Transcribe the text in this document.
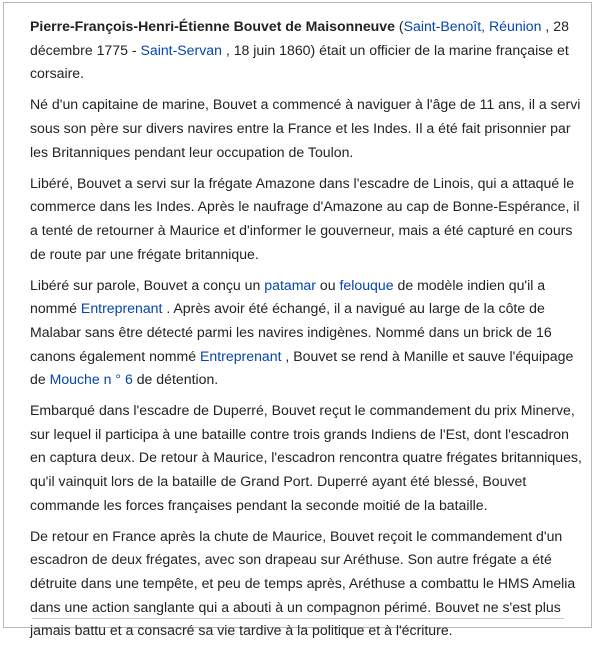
Pierre-François-Henri-Étienne Bouvet de Maisonneuve (Saint-Benoît, Réunion , 28 décembre 1775 - Saint-Servan , 18 juin 1860) était un officier de la marine française et corsaire.

Né d'un capitaine de marine, Bouvet a commencé à naviguer à l'âge de 11 ans, il a servi sous son père sur divers navires entre la France et les Indes. Il a été fait prisonnier par les Britanniques pendant leur occupation de Toulon.

Libéré, Bouvet a servi sur la frégate Amazone dans l'escadre de Linois, qui a attaqué le commerce dans les Indes. Après le naufrage d'Amazone au cap de Bonne-Espérance, il a tenté de retourner à Maurice et d'informer le gouverneur, mais a été capturé en cours de route par une frégate britannique.

Libéré sur parole, Bouvet a conçu un patamar ou felouque de modèle indien qu'il a nommé Entreprenant . Après avoir été échangé, il a navigué au large de la côte de Malabar sans être détecté parmi les navires indigènes. Nommé dans un brick de 16 canons également nommé Entreprenant , Bouvet se rend à Manille et sauve l'équipage de Mouche n ° 6 de détention.

Embarqué dans l'escadre de Duperré, Bouvet reçut le commandement du prix Minerve, sur lequel il participa à une bataille contre trois grands Indiens de l'Est, dont l'escadron en captura deux. De retour à Maurice, l'escadron rencontra quatre frégates britanniques, qu'il vainquit lors de la bataille de Grand Port. Duperré ayant été blessé, Bouvet commande les forces françaises pendant la seconde moitié de la bataille.

De retour en France après la chute de Maurice, Bouvet reçoit le commandement d'un escadron de deux frégates, avec son drapeau sur Aréthuse. Son autre frégate a été détruite dans une tempête, et peu de temps après, Aréthuse a combattu le HMS Amelia dans une action sanglante qui a abouti à un compagnon périmé. Bouvet ne s'est plus jamais battu et a consacré sa vie tardive à la politique et à l'écriture.
